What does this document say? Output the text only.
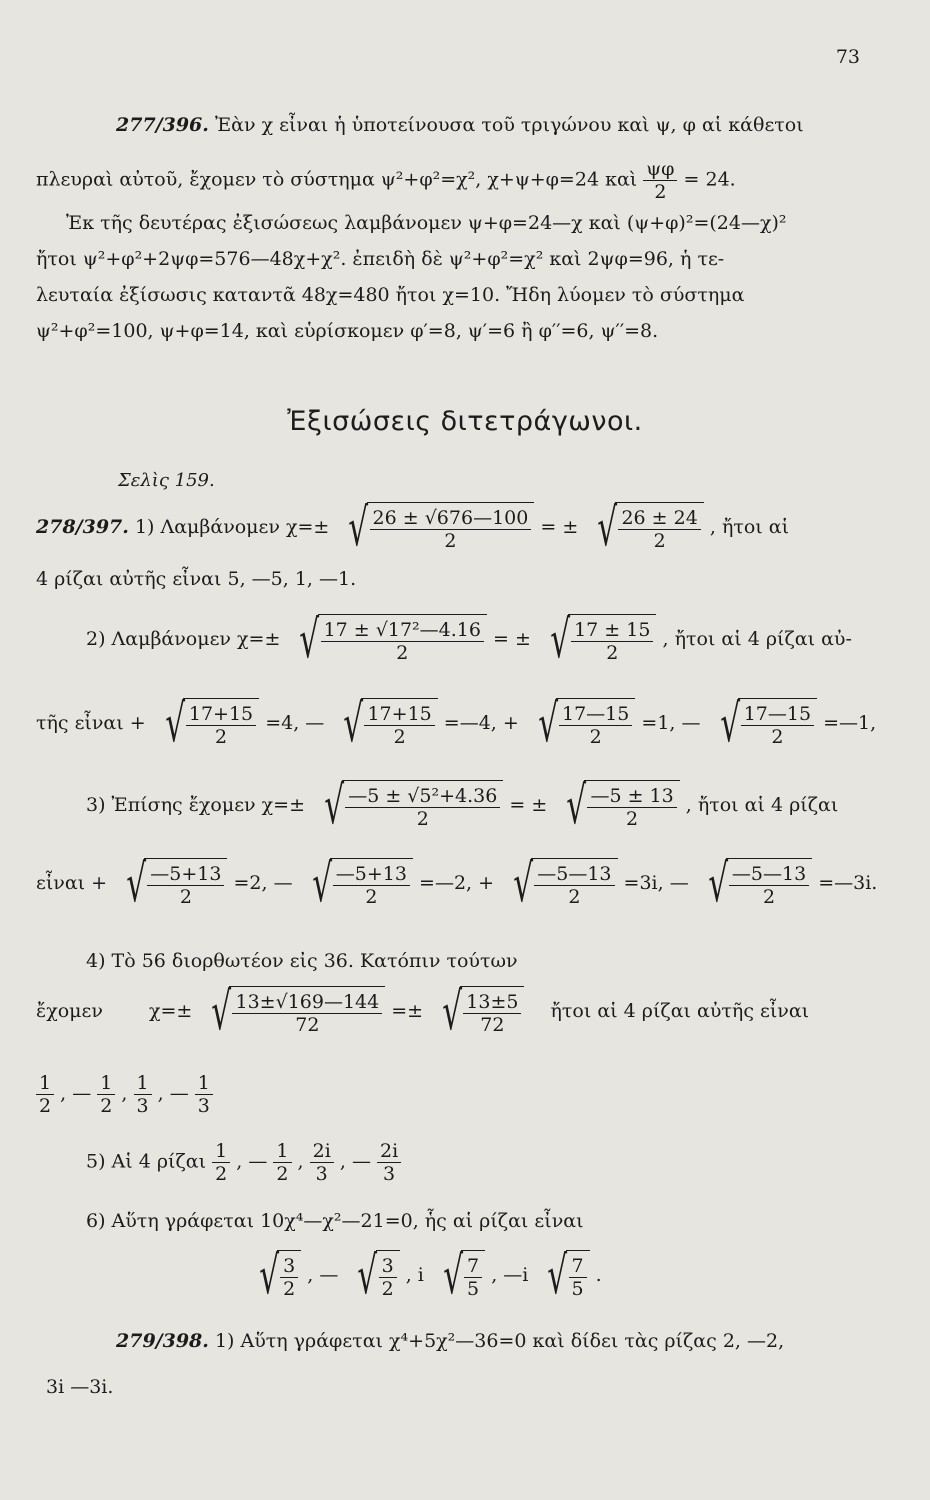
73
277/396. Ἐὰν χ εἶναι ἡ ὑποτείνουσα τοῦ τριγώνου καὶ ψ, φ αἱ κάθετοι
πλευραὶ αὐτοῦ, ἔχομεν τὸ σύστημα ψ²+φ²=χ², χ+ψ+φ=24 καὶ $\frac{\psi\varphi}{2} = 24$.
Ἐκ τῆς δευτέρας ἐξισώσεως λαμβάνομεν ψ+φ=24—χ καὶ (ψ+φ)²=(24—χ)²
ἤτοι ψ²+φ²+2ψφ=576—48χ+χ². ἐπειδὴ δὲ ψ²+φ²=χ² καὶ 2ψφ=96, ἡ τε-
λευταία ἐξίσωσις καταντᾶ 48χ=480 ἤτοι χ=10. Ἤδη λύομεν τὸ σύστημα
ψ²+φ²=100, ψ+φ=14, καὶ εὑρίσκομεν φ′=8, ψ′=6 ἢ φ′′=6, ψ′′=8.
Ἐξισώσεις διτετράγωνοι.
Σελὶς 159.
278/397. 1) Λαμβάνομεν χ=± √ $\frac{26 \pm √676—100}{2}$ = ± √ $\frac{26 \pm 24}{2}$ , ἤτοι αἱ
4 ρίζαι αὐτῆς εἶναι 5, —5, 1, —1.
2) Λαμβάνομεν χ=± √ $\frac{\text{17 ± √17²—4.16}}{2}$ = ± √ $\frac{17 \pm 15}{2}$ , ἤτοι αἱ 4 ρίζαι αὐ-
τῆς εἶναι + √ $\frac{17+15}{2} =4$, — √ $\frac{17+15}{2}$ =—4, + √ $\frac{17—15}{2} =1$, — √ $\frac{17—15}{2}$ =—1,
3) Ἐπίσης ἔχομεν χ=± √ $\frac{\text{—5 ± √5²+4.36}}{2}$ = ± √ $\frac{—5 \pm 13}{2}$ , ἤτοι αἱ 4 ρίζαι
εἶναι + √ $\frac{—5+13}{2} =2$, — √ $\frac{—5+13}{2}$ =—2, + √ $\frac{—5—13}{2} =3i$, — √ $\frac{—5—13}{2}$ =—3i.
4) Τὸ 56 διορθωτέον εἰς 36. Κατόπιν τούτων
ἔχομεν χ=± √ $\frac{13\pm√169—144}{72}$ =± √ $\frac{13\pm 5}{72}$ ἤτοι αἱ 4 ρίζαι αὐτῆς εἶναι
$\frac{1}{2}$ , — $\frac{1}{2}$ , $\frac{1}{3}$ , — $\frac{1}{3}$
5) Αἱ 4 ρίζαι $\frac{1}{2}$ , — $\frac{1}{2}$ , $\frac{2i}{3}$ , — $\frac{2i}{3}$
6) Αὕτη γράφεται 10χ⁴—χ²—21=0, ἧς αἱ ρίζαι εἶναι
√ $\frac{3}{2}$ , — √ $\frac{3}{2}$ , i √ $\frac{7}{5}$ , —i √ $\frac{7}{5}$ .
279/398. 1) Αὕτη γράφεται χ⁴+5χ²—36=0 καὶ δίδει τὰς ρίζας 2, —2,
3i —3i.
